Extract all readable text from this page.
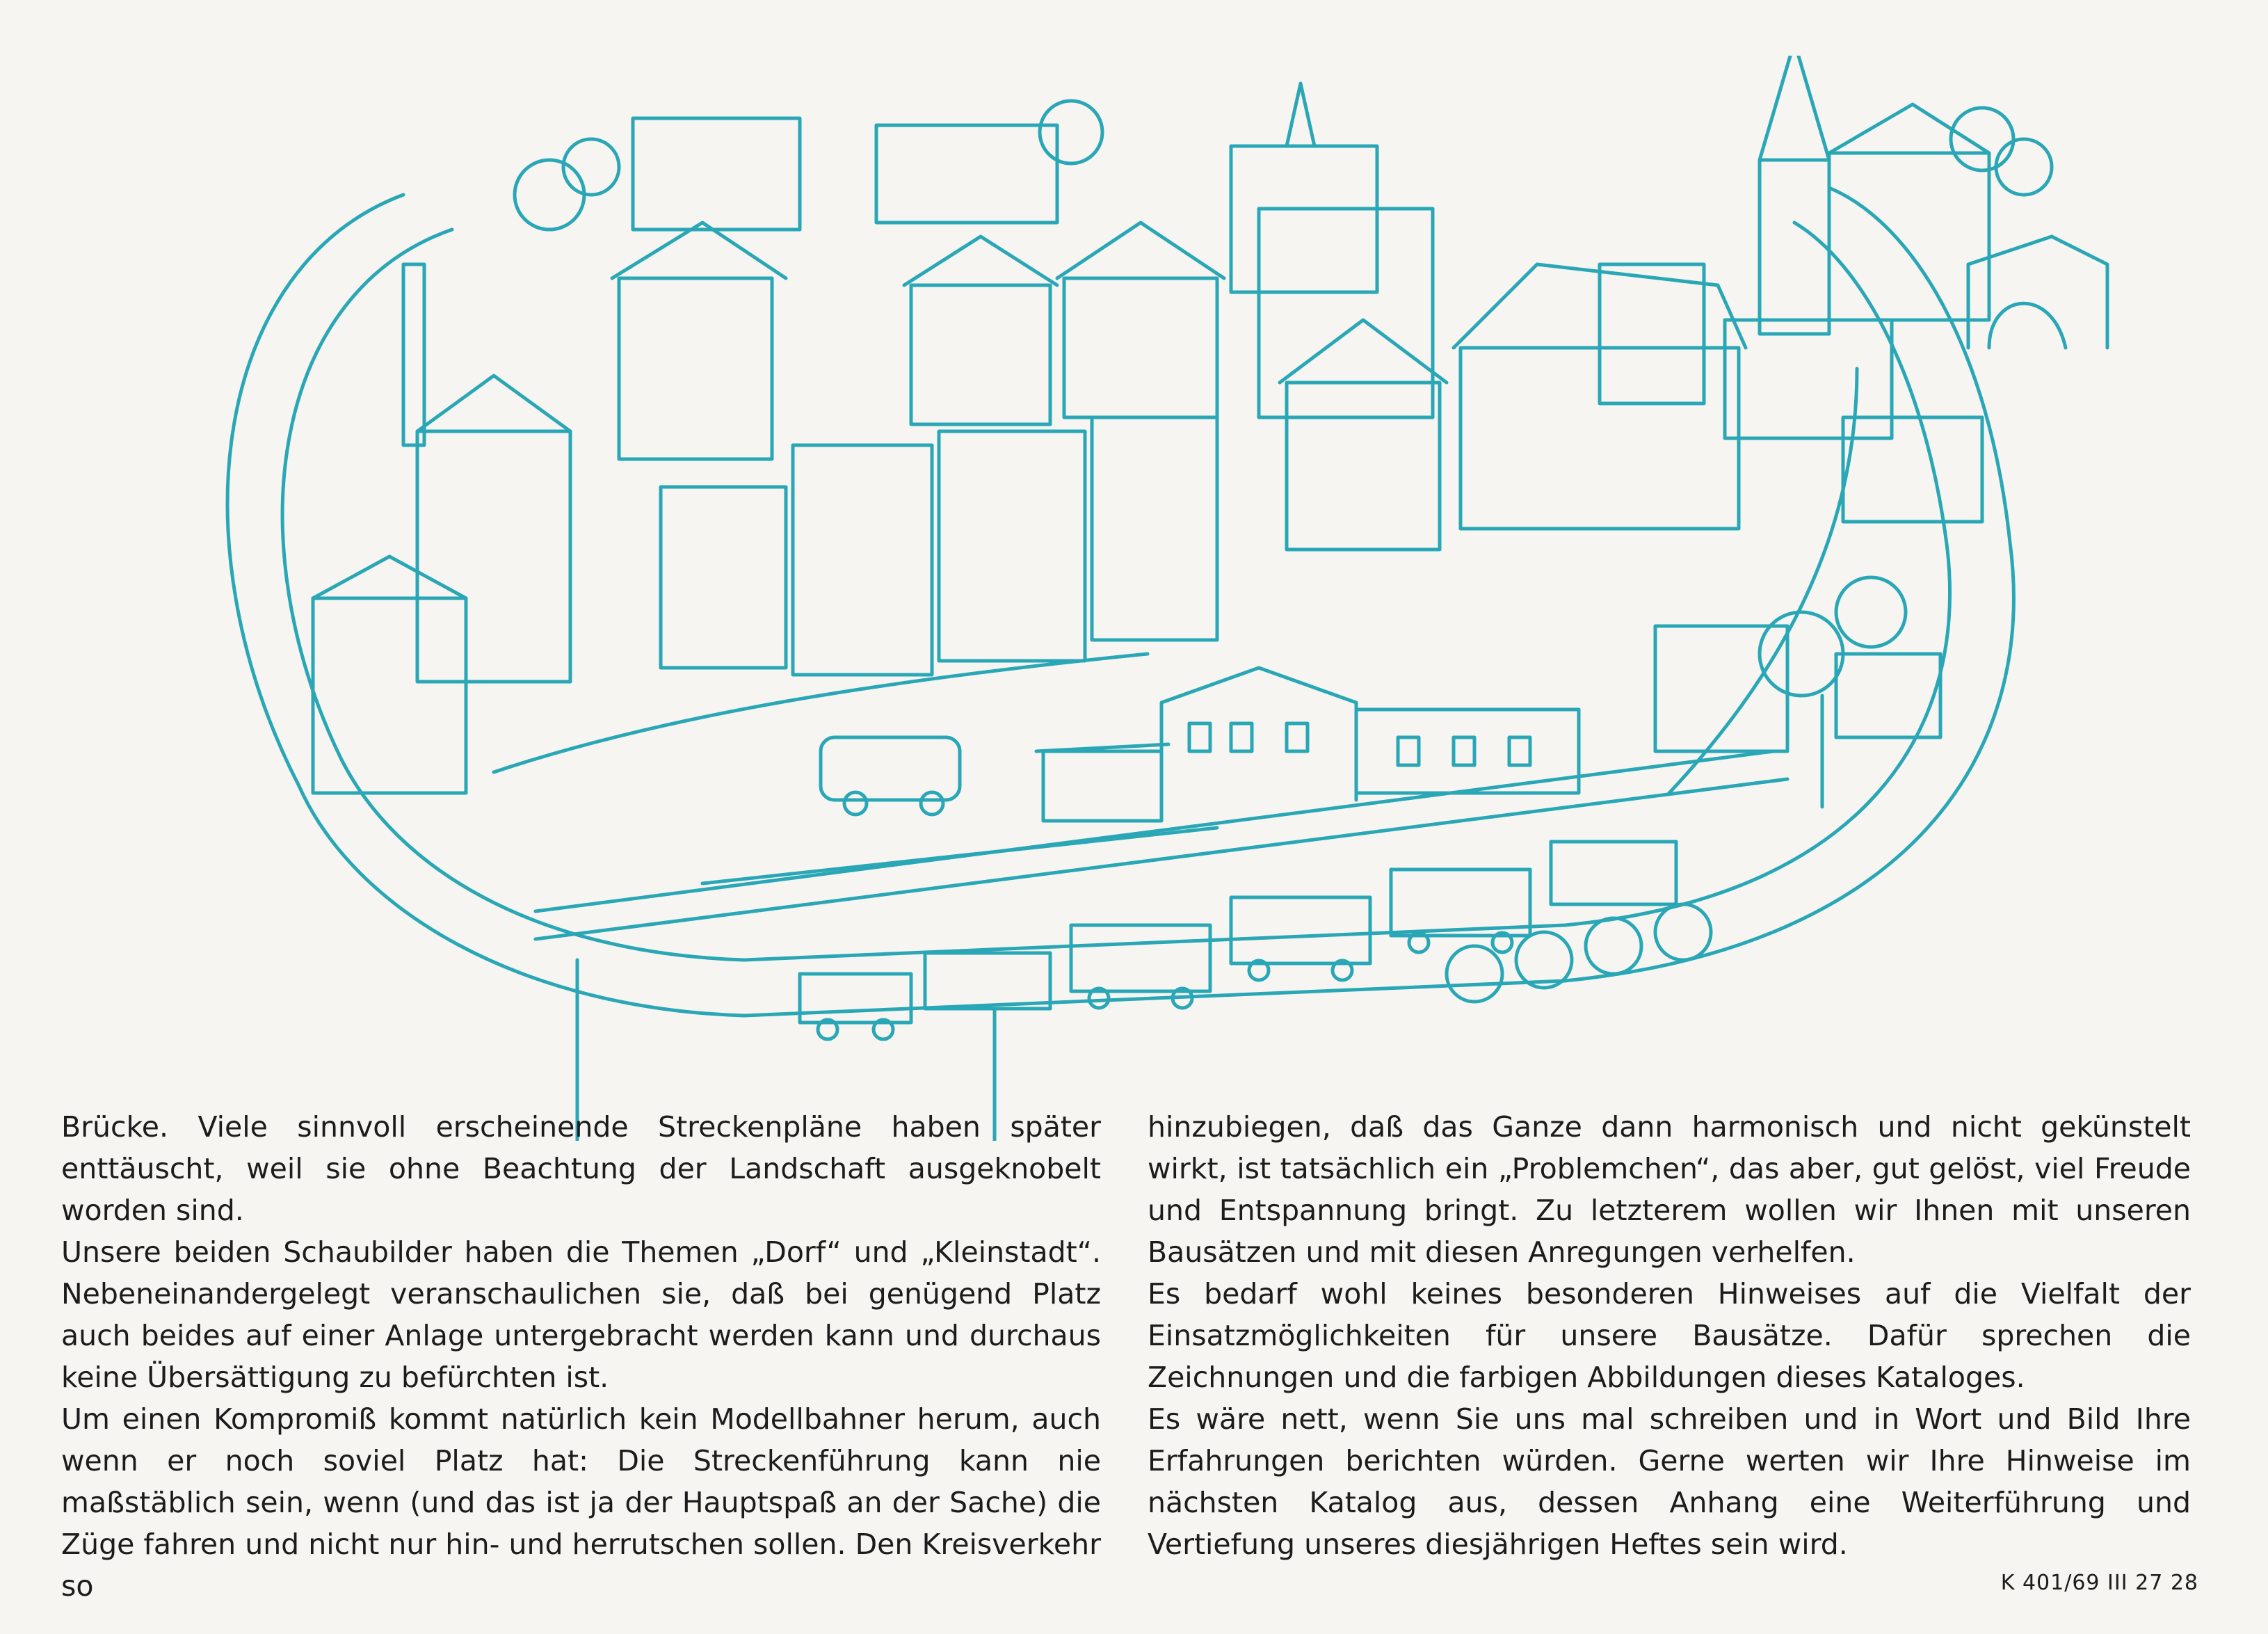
Brücke. Viele sinnvoll erscheinende Streckenpläne haben später enttäuscht, weil sie ohne Beachtung der Landschaft ausgeknobelt worden sind.

Unsere beiden Schaubilder haben die Themen „Dorf“ und „Kleinstadt“. Nebeneinandergelegt veranschaulichen sie, daß bei genügend Platz auch beides auf einer Anlage untergebracht werden kann und durchaus keine Übersättigung zu befürchten ist.

Um einen Kompromiß kommt natürlich kein Modellbahner herum, auch wenn er noch soviel Platz hat: Die Streckenführung kann nie maßstäblich sein, wenn (und das ist ja der Hauptspaß an der Sache) die Züge fahren und nicht nur hin- und herrutschen sollen. Den Kreisverkehr so

hinzubiegen, daß das Ganze dann harmonisch und nicht gekünstelt wirkt, ist tatsächlich ein „Problemchen“, das aber, gut gelöst, viel Freude und Entspannung bringt. Zu letzterem wollen wir Ihnen mit unseren Bausätzen und mit diesen Anregungen verhelfen.

Es bedarf wohl keines besonderen Hinweises auf die Vielfalt der Einsatzmöglichkeiten für unsere Bausätze. Dafür sprechen die Zeichnungen und die farbigen Abbildungen dieses Kataloges.

Es wäre nett, wenn Sie uns mal schreiben und in Wort und Bild Ihre Erfahrungen berichten würden. Gerne werten wir Ihre Hinweise im nächsten Katalog aus, dessen Anhang eine Weiterführung und Vertiefung unseres diesjährigen Heftes sein wird.

K 401/69 III 27 28
